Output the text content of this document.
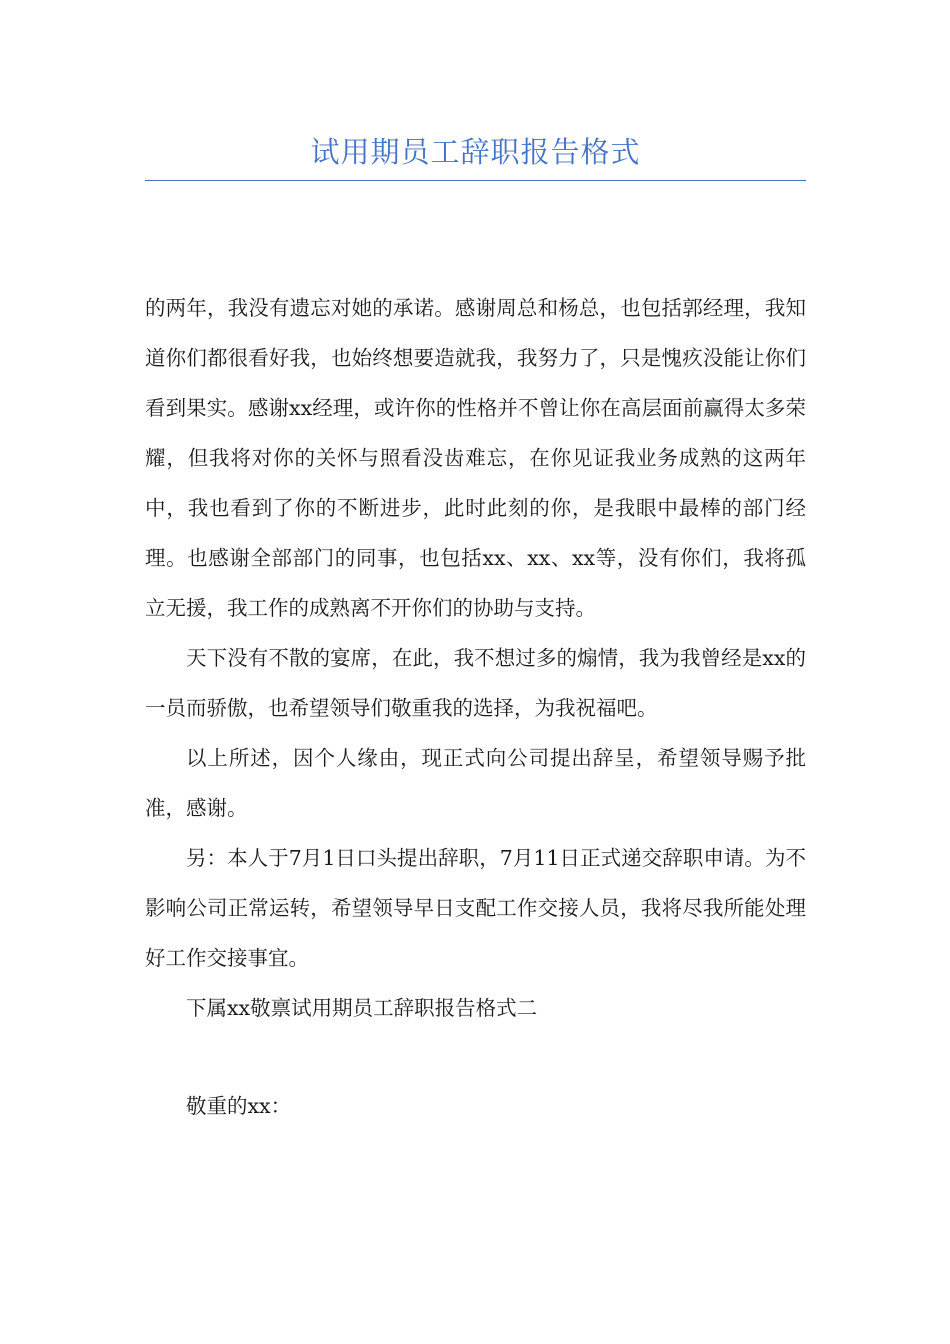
试用期员工辞职报告格式

的两年，我没有遗忘对她的承诺。感谢周总和杨总，也包括郭经理，我知道你们都很看好我，也始终想要造就我，我努力了，只是愧疚没能让你们看到果实。感谢xx经理，或许你的性格并不曾让你在高层面前赢得太多荣耀，但我将对你的关怀与照看没齿难忘，在你见证我业务成熟的这两年中，我也看到了你的不断进步，此时此刻的你，是我眼中最棒的部门经理。也感谢全部部门的同事，也包括xx、xx、xx等，没有你们，我将孤立无援，我工作的成熟离不开你们的协助与支持。

天下没有不散的宴席，在此，我不想过多的煽情，我为我曾经是xx的一员而骄傲，也希望领导们敬重我的选择，为我祝福吧。

以上所述，因个人缘由，现正式向公司提出辞呈，希望领导赐予批准，感谢。

另：本人于7月1日口头提出辞职，7月11日正式递交辞职申请。为不影响公司正常运转，希望领导早日支配工作交接人员，我将尽我所能处理好工作交接事宜。

下属xx敬禀试用期员工辞职报告格式二

敬重的xx：
